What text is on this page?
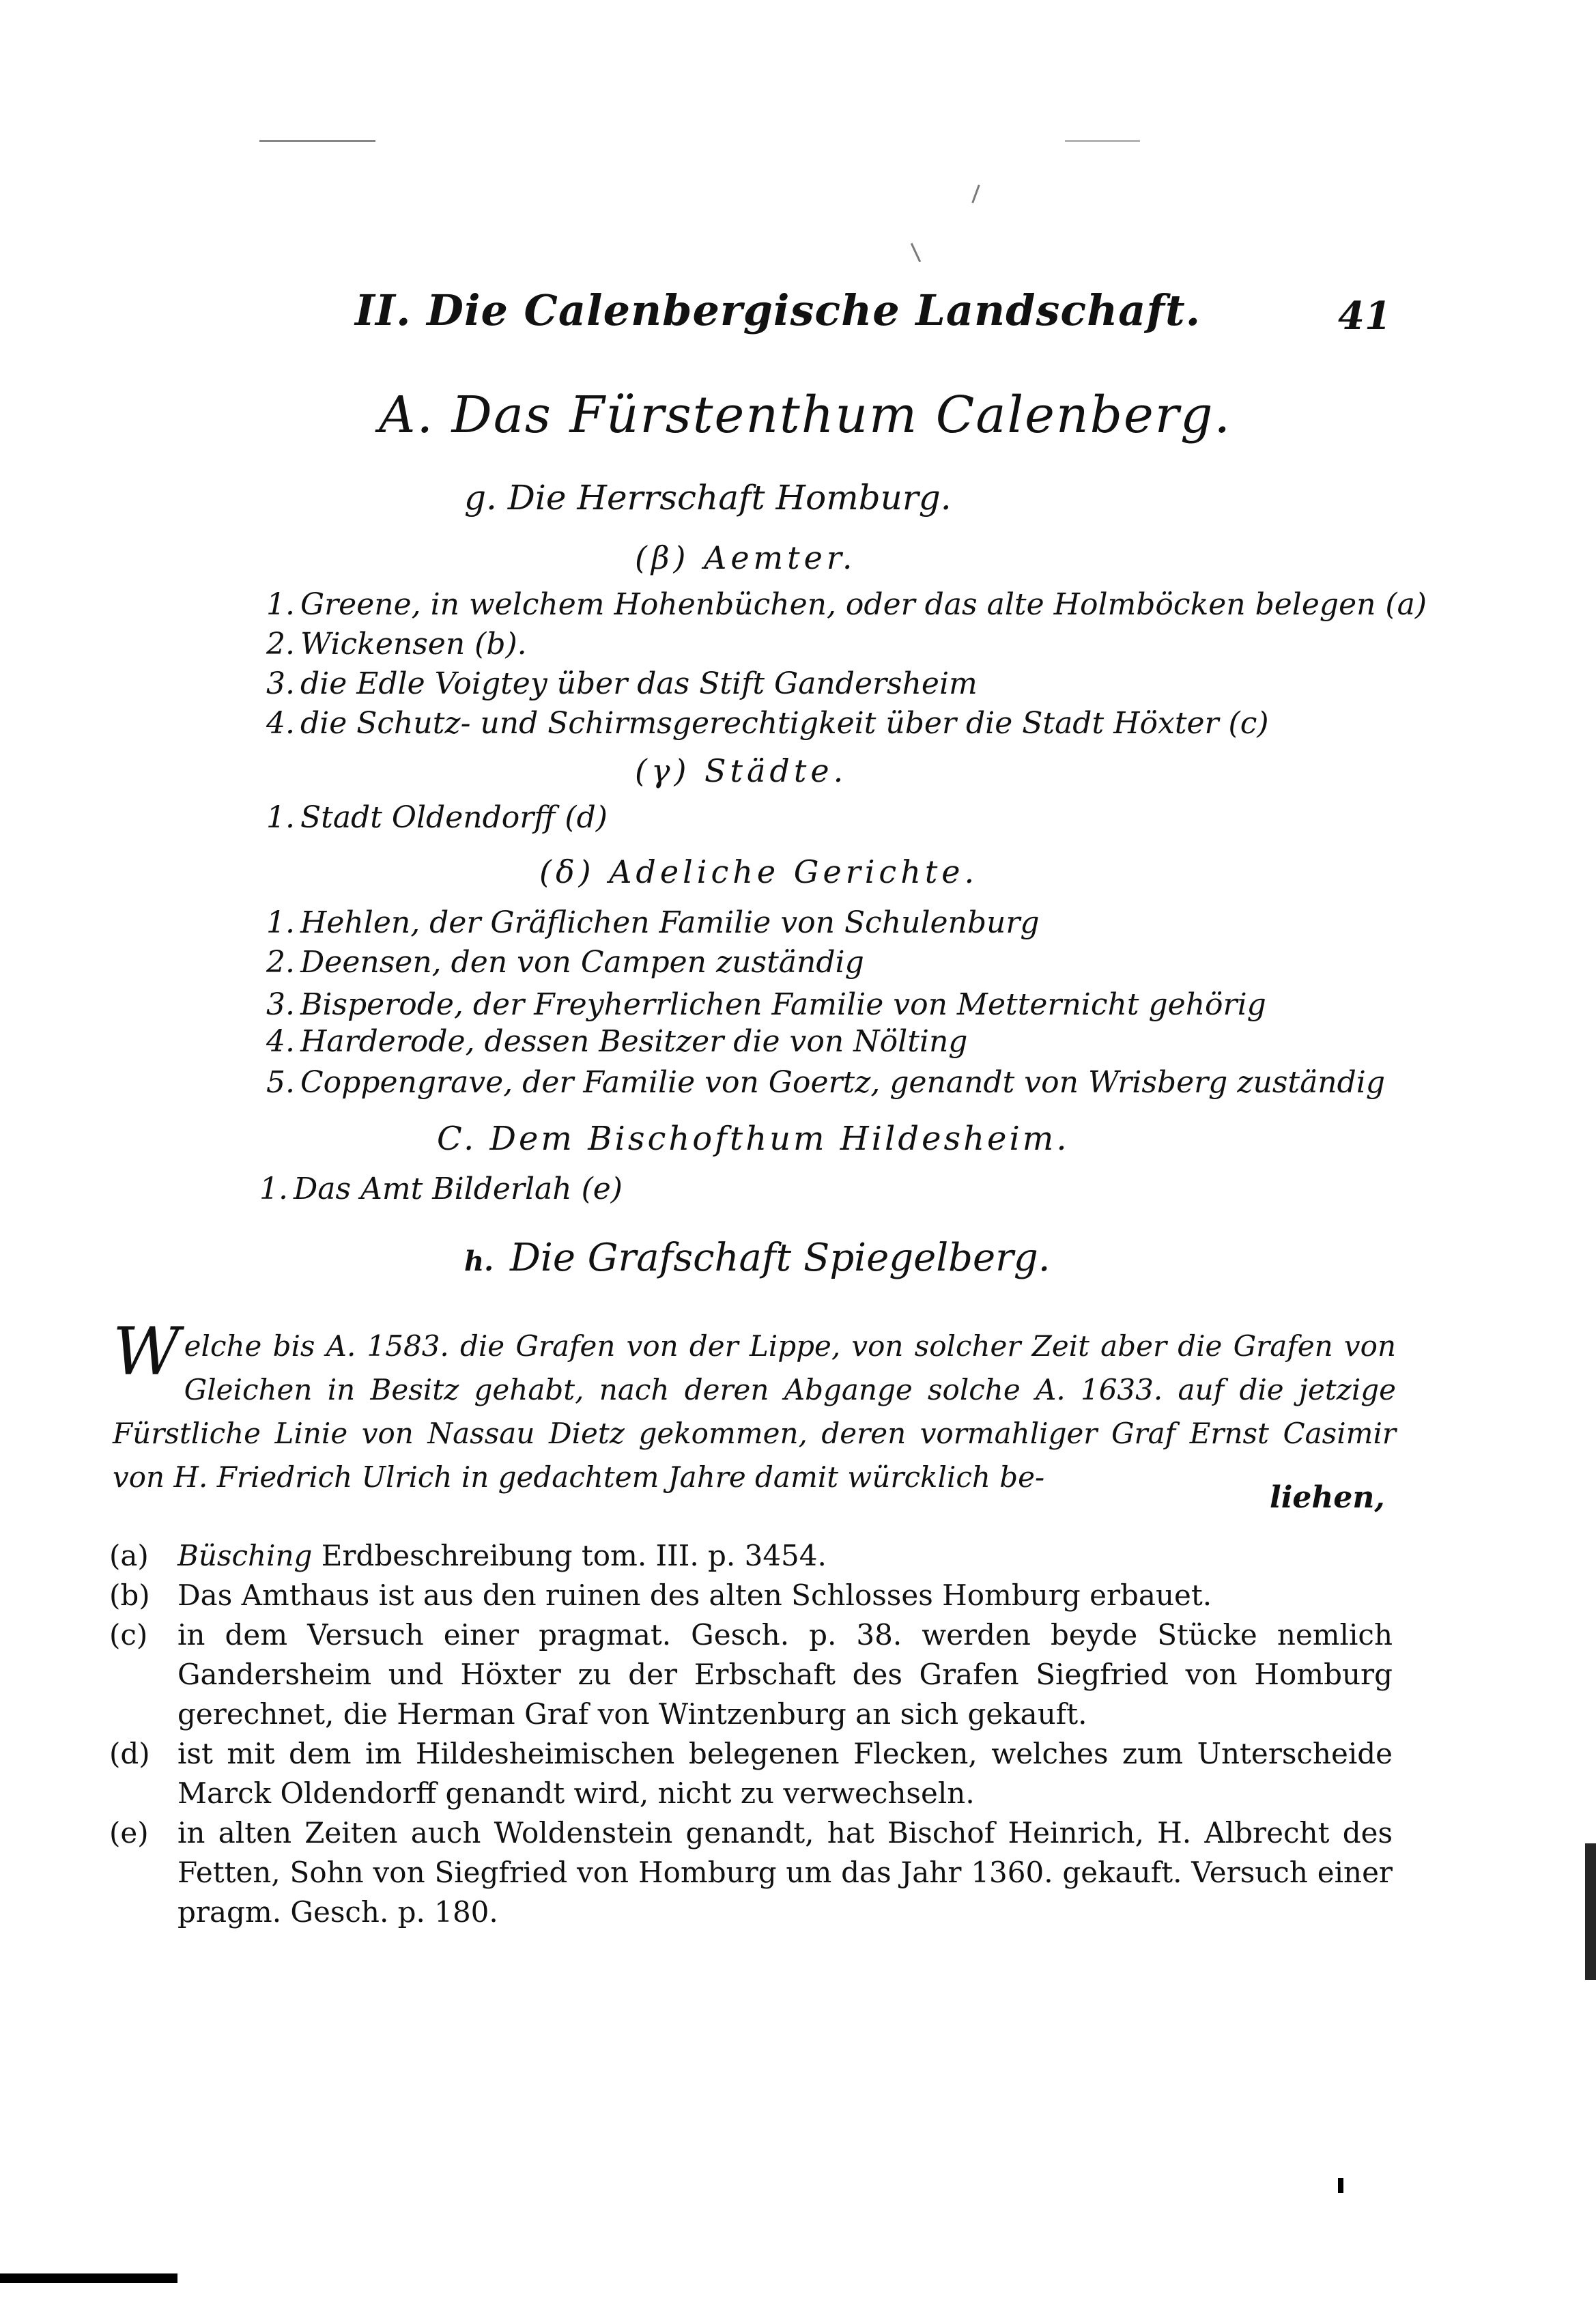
II. Die Calenbergische Landschaft.	41
A. Das Fürstenthum Calenberg.
g. Die Herrschaft Homburg.
(β) Aemter.
1. Greene, in welchem Hohenbüchen, oder das alte Holmböcken belegen (a)
2. Wickensen (b).
3. die Edle Voigtey über das Stift Gandersheim
4. die Schutz- und Schirmsgerechtigkeit über die Stadt Höxter (c)
(γ) Städte.
1. Stadt Oldendorff (d)
(δ) Adeliche Gerichte.
1. Hehlen, der Gräflichen Familie von Schulenburg
2. Deensen, den von Campen zuständig
3. Bisperode, der Freyherrlichen Familie von Metternicht gehörig
4. Harderode, dessen Besitzer die von Nölting
5. Coppengrave, der Familie von Goertz, genandt von Wrisberg zuständig
C. Dem Bischofthum Hildesheim.
1. Das Amt Bilderlah (e)
h. Die Grafschaft Spiegelberg.
Welche bis A. 1583. die Grafen von der Lippe, von solcher Zeit aber die Grafen von Gleichen in Besitz gehabt, nach deren Abgange solche A. 1633. auf die jetzige Fürstliche Linie von Nassau Dietz gekommen, deren vormahliger Graf Ernst Casimir von H. Friedrich Ulrich in gedachtem Jahre damit würcklich be-
liehen,
(a) Büsching Erdbeschreibung tom. III. p. 3454.
(b) Das Amthaus ist aus den ruinen des alten Schlosses Homburg erbauet.
(c) in dem Versuch einer pragmat. Gesch. p. 38. werden beyde Stücke nemlich Gandersheim und Höxter zu der Erbschaft des Grafen Siegfried von Homburg gerechnet, die Herman Graf von Wintzenburg an sich gekauft.
(d) ist mit dem im Hildesheimischen belegenen Flecken, welches zum Unterscheide Marck Oldendorff genandt wird, nicht zu verwechseln.
(e) in alten Zeiten auch Woldenstein genandt, hat Bischof Heinrich, H. Albrecht des Fetten, Sohn von Siegfried von Homburg um das Jahr 1360. gekauft. Versuch einer pragm. Gesch. p. 180.
